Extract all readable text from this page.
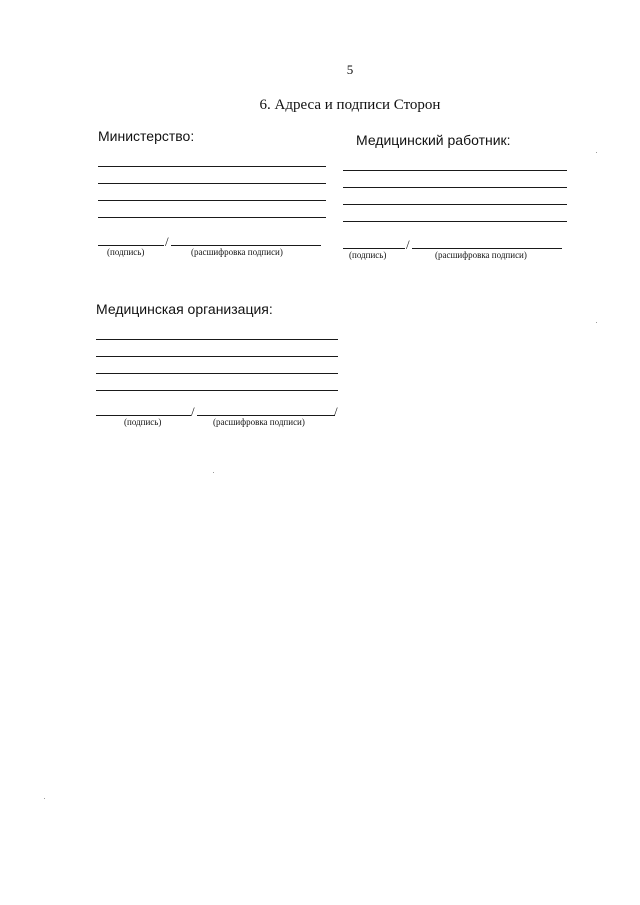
5
6. Адреса и подписи Сторон
Министерство:
/
(подпись)	(расшифровка подписи)
Медицинский работник:
/
(подпись)	(расшифровка подписи)
Медицинская организация:
/	/
(подпись)	(расшифровка подписи)
